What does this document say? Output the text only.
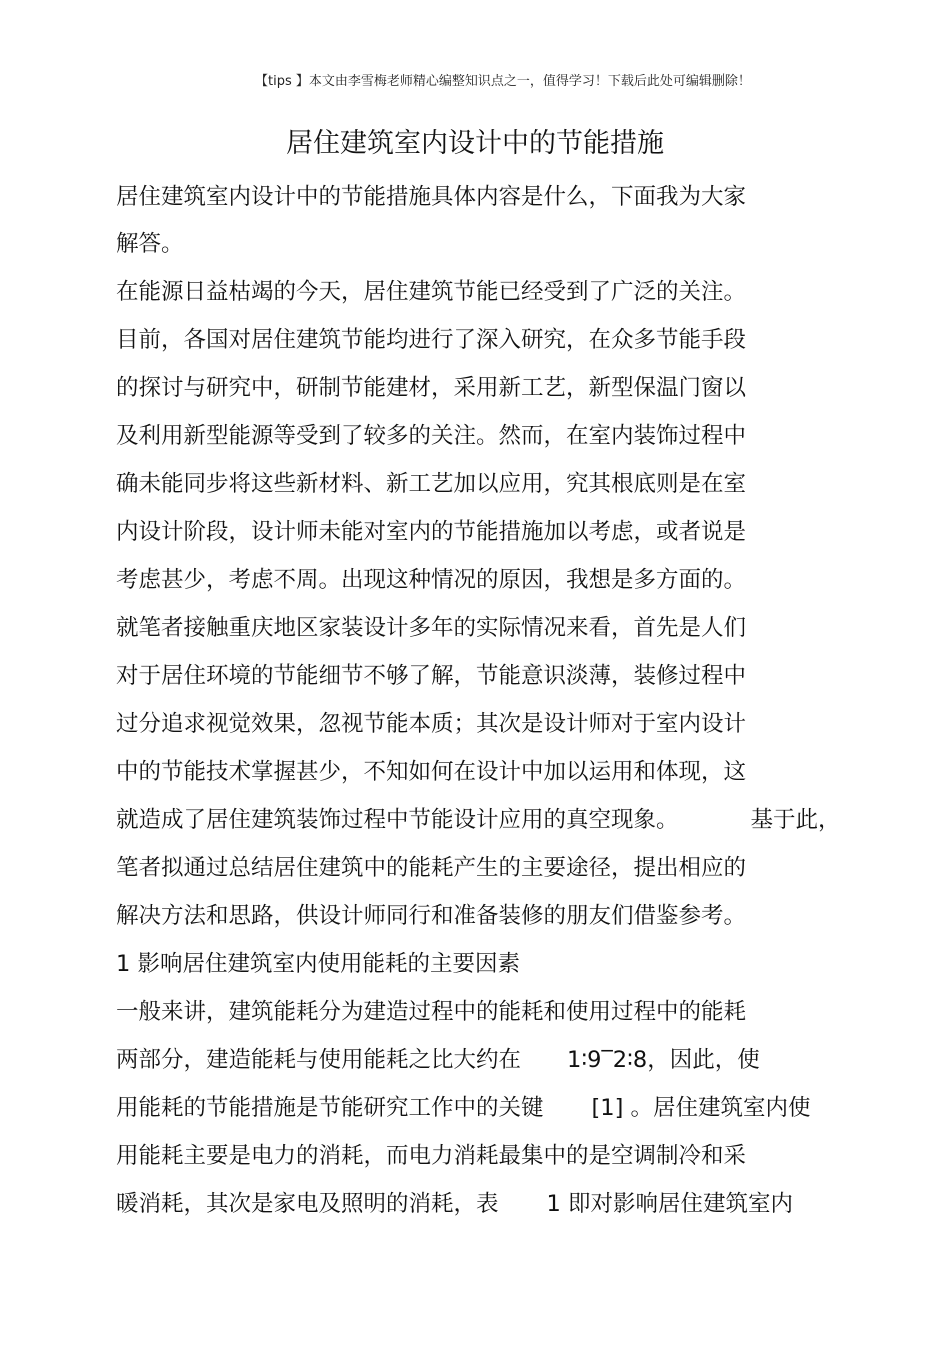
【tips 】本文由李雪梅老师精心编整知识点之一，值得学习！下载后此处可编辑删除！
居住建筑室内设计中的节能措施
居住建筑室内设计中的节能措施具体内容是什么，下面我为大家
解答。
在能源日益枯竭的今天，居住建筑节能已经受到了广泛的关注。
目前，各国对居住建筑节能均进行了深入研究，在众多节能手段
的探讨与研究中，研制节能建材，采用新工艺，新型保温门窗以
及利用新型能源等受到了较多的关注。然而，在室内装饰过程中
确未能同步将这些新材料、新工艺加以应用，究其根底则是在室
内设计阶段，设计师未能对室内的节能措施加以考虑，或者说是
考虑甚少，考虑不周。出现这种情况的原因，我想是多方面的。
就笔者接触重庆地区家装设计多年的实际情况来看，首先是人们
对于居住环境的节能细节不够了解，节能意识淡薄，装修过程中
过分追求视觉效果，忽视节能本质；其次是设计师对于室内设计
中的节能技术掌握甚少，不知如何在设计中加以运用和体现，这
就造成了居住建筑装饰过程中节能设计应用的真空现象。	基于此，
笔者拟通过总结居住建筑中的能耗产生的主要途径，提出相应的
解决方法和思路，供设计师同行和准备装修的朋友们借鉴参考。
1 影响居住建筑室内使用能耗的主要因素
一般来讲，建筑能耗分为建造过程中的能耗和使用过程中的能耗
两部分，建造能耗与使用能耗之比大约在 1∶9‾2∶8，因此，使
用能耗的节能措施是节能研究工作中的关键 [1] 。居住建筑室内使
用能耗主要是电力的消耗，而电力消耗最集中的是空调制冷和采
暖消耗，其次是家电及照明的消耗，表 1 即对影响居住建筑室内
